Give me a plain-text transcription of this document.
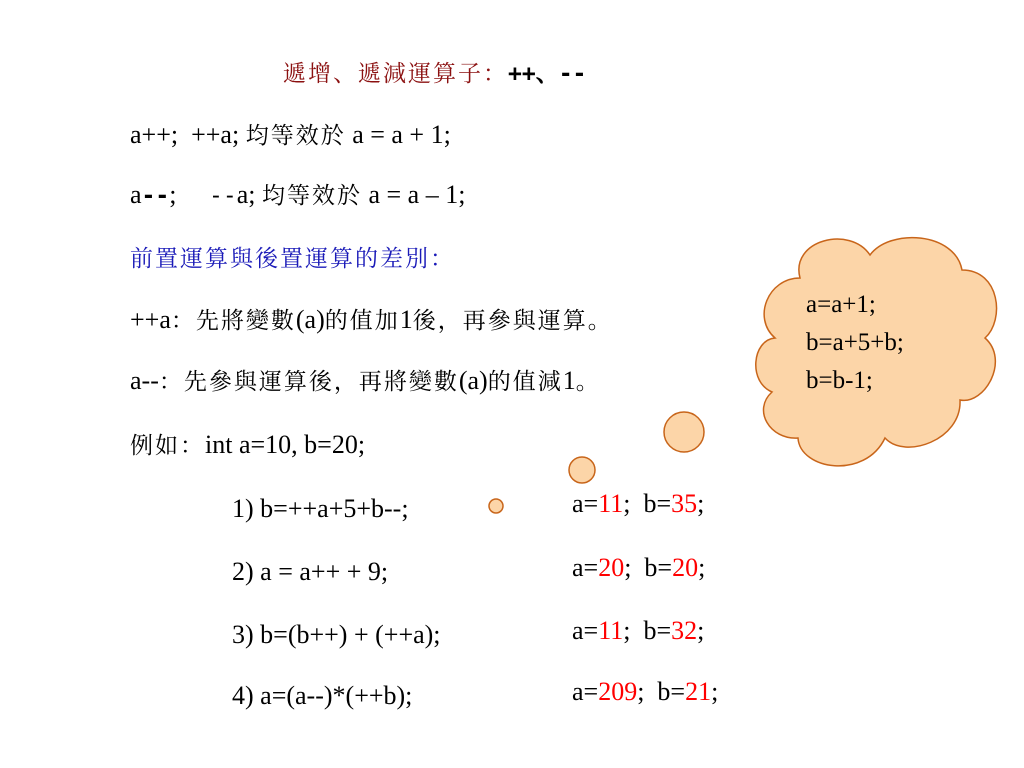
遞增、遞減運算子：++、--
a++; ++a; 均等效於 a = a + 1;
a--; --a; 均等效於 a = a – 1;
前置運算與後置運算的差別：
++a：先將變數(a)的值加1後，再參與運算。
a--：先參與運算後，再將變數(a)的值減1。
例如：int a=10, b=20;
1) b=++a+5+b--;
2) a = a++ + 9;
3) b=(b++) + (++a);
4) a=(a--)*(++b);
a=11;  b=35;
a=20;  b=20;
a=11;  b=32;
a=209;  b=21;
a=a+1;
b=a+5+b;
b=b-1;
